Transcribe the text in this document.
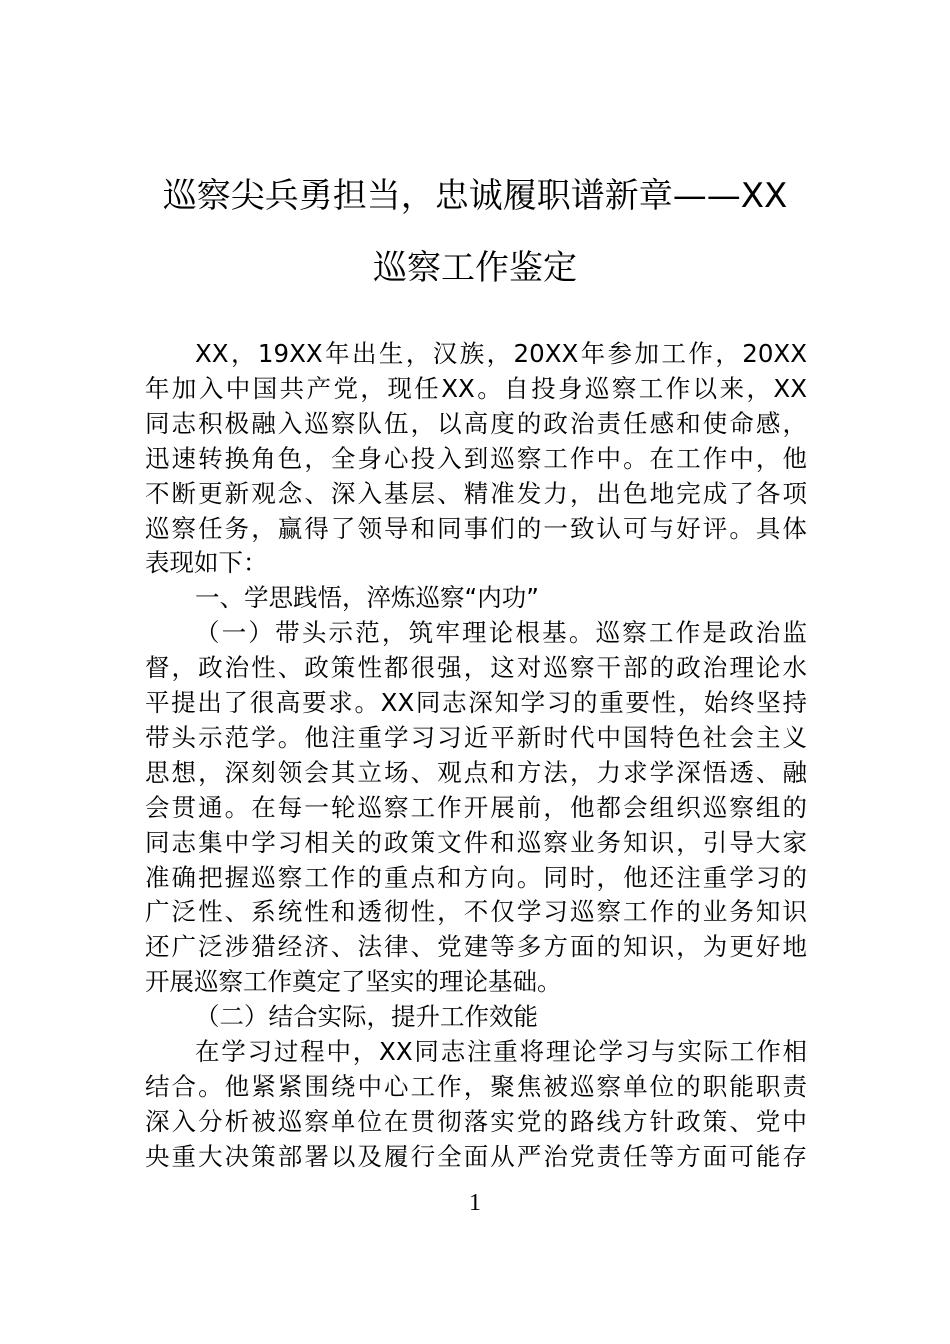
巡察尖兵勇担当，忠诚履职谱新章——XX
巡察工作鉴定
XX，19XX年出生，汉族，20XX年参加工作，20XX
年加入中国共产党，现任XX。自投身巡察工作以来，XX
同志积极融入巡察队伍，以高度的政治责任感和使命感，
迅速转换角色，全身心投入到巡察工作中。在工作中，他
不断更新观念、深入基层、精准发力，出色地完成了各项
巡察任务，赢得了领导和同事们的一致认可与好评。具体
表现如下：
一、学思践悟，淬炼巡察“内功”
（一）带头示范，筑牢理论根基。巡察工作是政治监
督，政治性、政策性都很强，这对巡察干部的政治理论水
平提出了很高要求。XX同志深知学习的重要性，始终坚持
带头示范学。他注重学习习近平新时代中国特色社会主义
思想，深刻领会其立场、观点和方法，力求学深悟透、融
会贯通。在每一轮巡察工作开展前，他都会组织巡察组的
同志集中学习相关的政策文件和巡察业务知识，引导大家
准确把握巡察工作的重点和方向。同时，他还注重学习的
广泛性、系统性和透彻性，不仅学习巡察工作的业务知识
还广泛涉猎经济、法律、党建等多方面的知识，为更好地
开展巡察工作奠定了坚实的理论基础。
（二）结合实际，提升工作效能
在学习过程中，XX同志注重将理论学习与实际工作相
结合。他紧紧围绕中心工作，聚焦被巡察单位的职能职责
深入分析被巡察单位在贯彻落实党的路线方针政策、党中
央重大决策部署以及履行全面从严治党责任等方面可能存
1
